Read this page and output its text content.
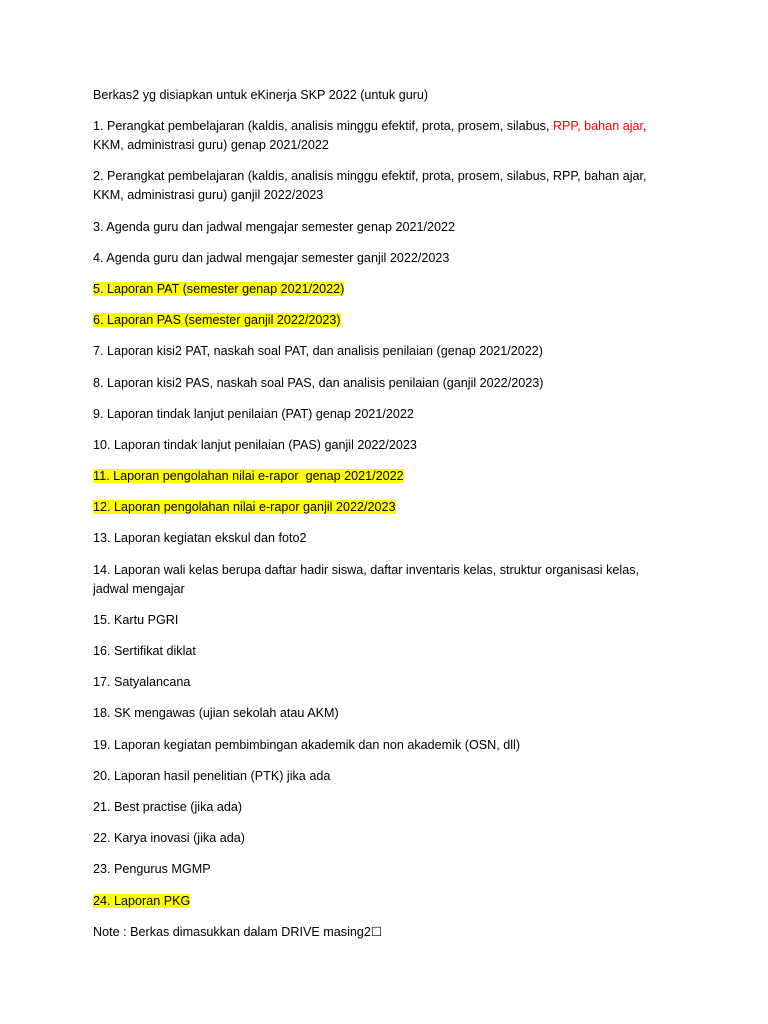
Berkas2 yg disiapkan untuk eKinerja SKP 2022 (untuk guru)

1. Perangkat pembelajaran (kaldis, analisis minggu efektif, prota, prosem, silabus, RPP, bahan ajar, KKM, administrasi guru) genap 2021/2022

2. Perangkat pembelajaran (kaldis, analisis minggu efektif, prota, prosem, silabus, RPP, bahan ajar, KKM, administrasi guru) ganjil 2022/2023

3. Agenda guru dan jadwal mengajar semester genap 2021/2022

4. Agenda guru dan jadwal mengajar semester ganjil 2022/2023

5. Laporan PAT (semester genap 2021/2022)

6. Laporan PAS (semester ganjil 2022/2023)

7. Laporan kisi2 PAT, naskah soal PAT, dan analisis penilaian (genap 2021/2022)

8. Laporan kisi2 PAS, naskah soal PAS, dan analisis penilaian (ganjil 2022/2023)

9. Laporan tindak lanjut penilaian (PAT) genap 2021/2022

10. Laporan tindak lanjut penilaian (PAS) ganjil 2022/2023

11. Laporan pengolahan nilai e-rapor  genap 2021/2022

12. Laporan pengolahan nilai e-rapor ganjil 2022/2023

13. Laporan kegiatan ekskul dan foto2

14. Laporan wali kelas berupa daftar hadir siswa, daftar inventaris kelas, struktur organisasi kelas, jadwal mengajar

15. Kartu PGRI

16. Sertifikat diklat

17. Satyalancana

18. SK mengawas (ujian sekolah atau AKM)

19. Laporan kegiatan pembimbingan akademik dan non akademik (OSN, dll)

20. Laporan hasil penelitian (PTK) jika ada

21. Best practise (jika ada)

22. Karya inovasi (jika ada)

23. Pengurus MGMP

24. Laporan PKG

Note : Berkas dimasukkan dalam DRIVE masing2☐
